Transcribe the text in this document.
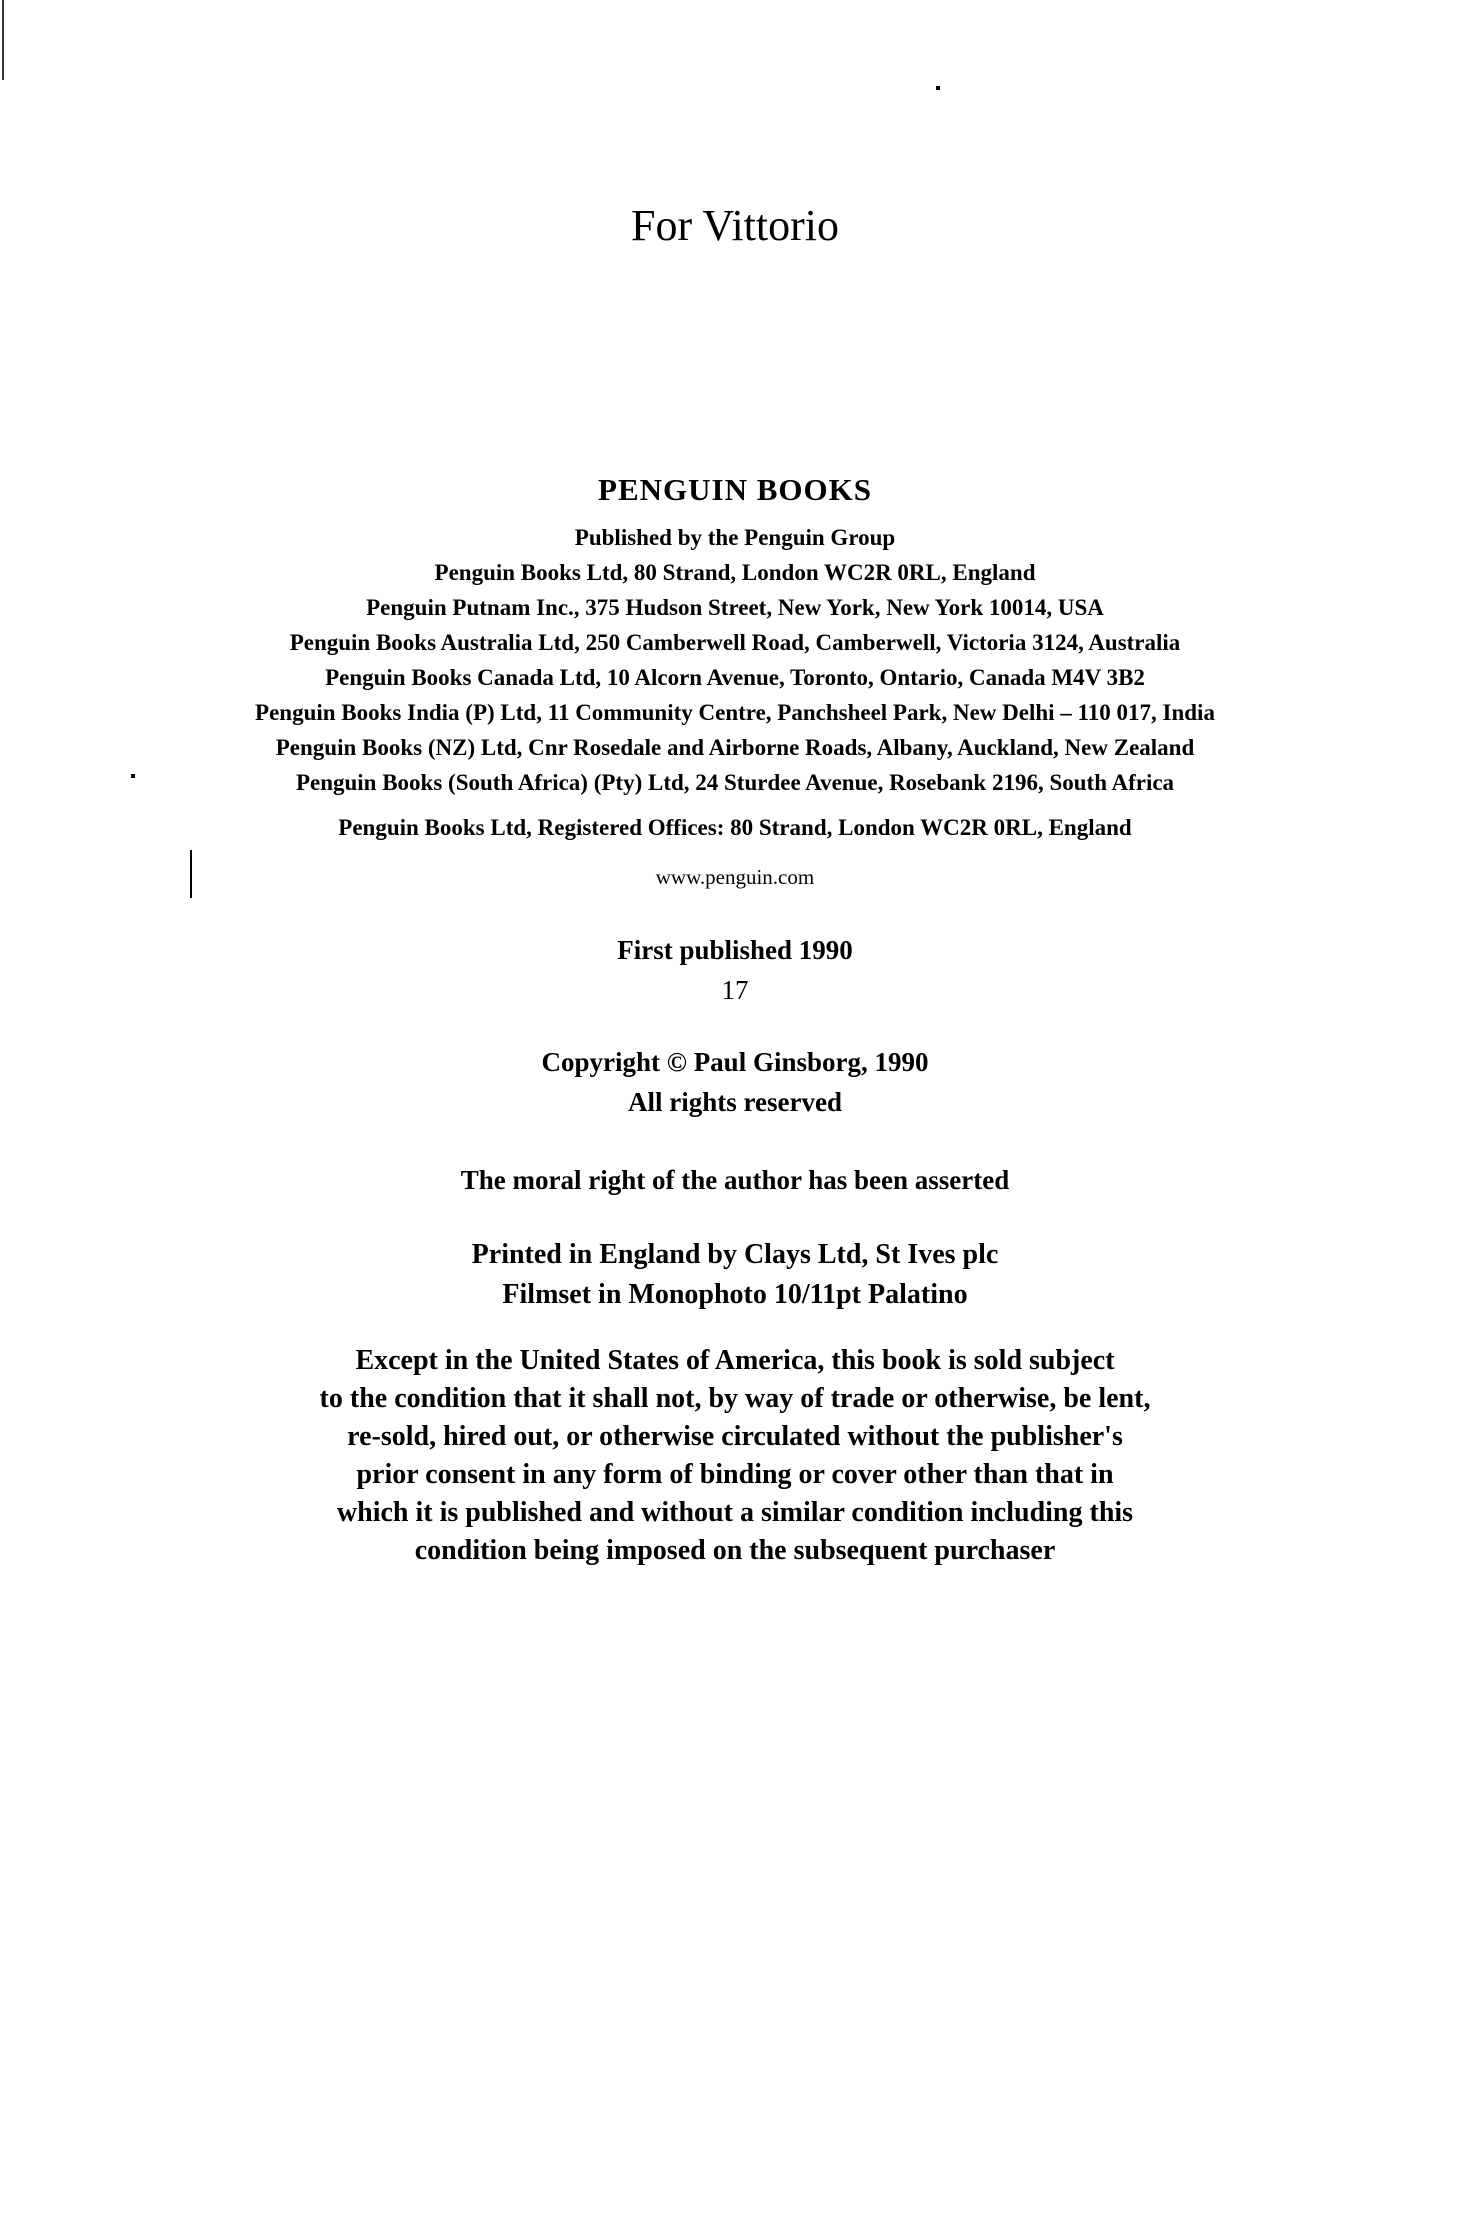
For Vittorio
PENGUIN BOOKS
Published by the Penguin Group
Penguin Books Ltd, 80 Strand, London WC2R 0RL, England
Penguin Putnam Inc., 375 Hudson Street, New York, New York 10014, USA
Penguin Books Australia Ltd, 250 Camberwell Road, Camberwell, Victoria 3124, Australia
Penguin Books Canada Ltd, 10 Alcorn Avenue, Toronto, Ontario, Canada M4V 3B2
Penguin Books India (P) Ltd, 11 Community Centre, Panchsheel Park, New Delhi – 110 017, India
Penguin Books (NZ) Ltd, Cnr Rosedale and Airborne Roads, Albany, Auckland, New Zealand
Penguin Books (South Africa) (Pty) Ltd, 24 Sturdee Avenue, Rosebank 2196, South Africa
Penguin Books Ltd, Registered Offices: 80 Strand, London WC2R 0RL, England
www.penguin.com
First published 1990
17
Copyright © Paul Ginsborg, 1990
All rights reserved
The moral right of the author has been asserted
Printed in England by Clays Ltd, St Ives plc
Filmset in Monophoto 10/11pt Palatino
Except in the United States of America, this book is sold subject
to the condition that it shall not, by way of trade or otherwise, be lent,
re-sold, hired out, or otherwise circulated without the publisher's
prior consent in any form of binding or cover other than that in
which it is published and without a similar condition including this
condition being imposed on the subsequent purchaser
